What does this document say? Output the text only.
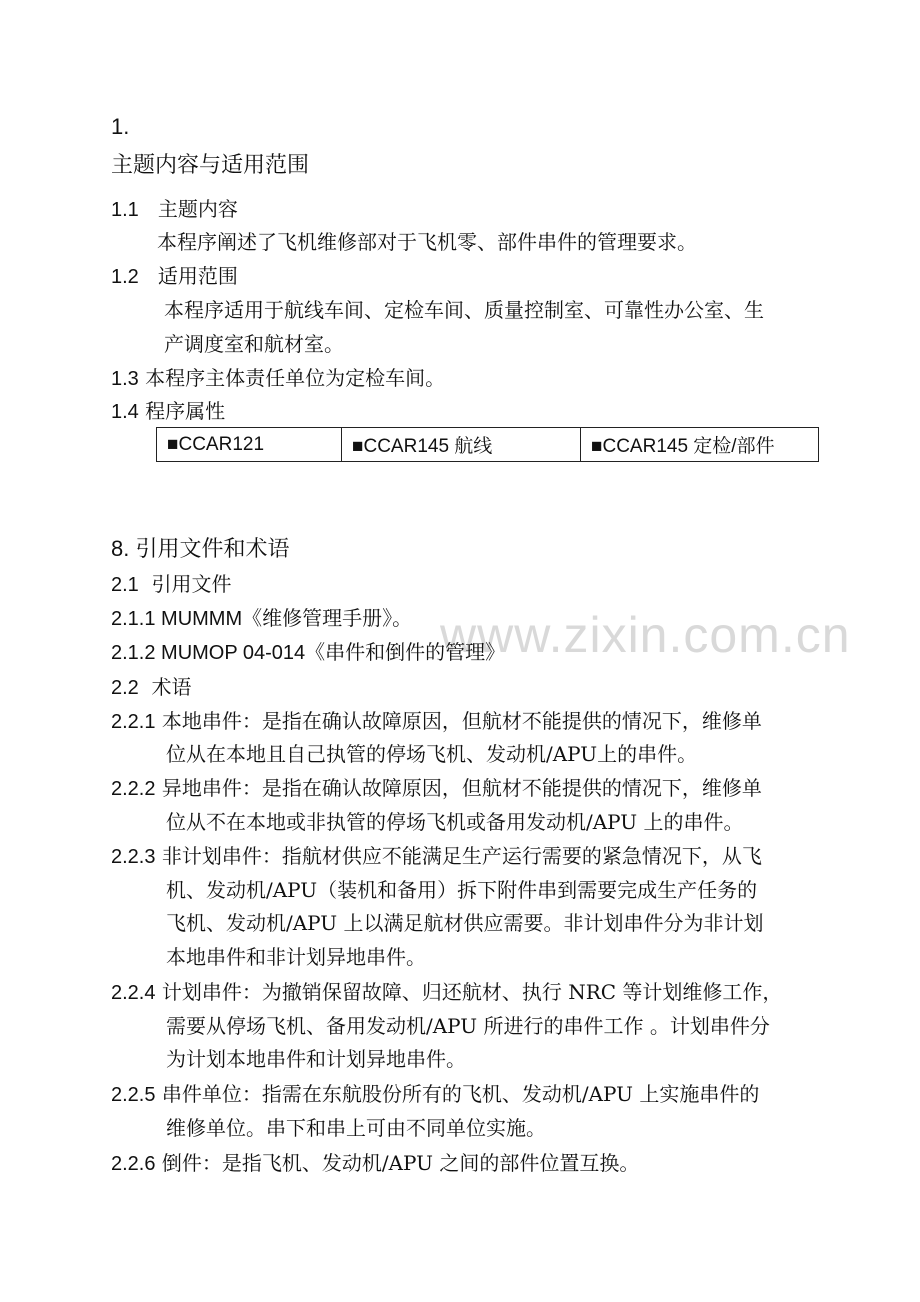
www.zixin.com.cn
1.
主题内容与适用范围
1.1 主题内容
本程序阐述了飞机维修部对于飞机零、部件串件的管理要求。
1.2 适用范围
本程序适用于航线车间、定检车间、质量控制室、可靠性办公室、生
产调度室和航材室。
1.3 本程序主体责任单位为定检车间。
1.4 程序属性
■CCAR121	■CCAR145 航线	■CCAR145 定检/部件
8. 引用文件和术语
2.1 引用文件
2.1.1 MUMMM《维修管理手册》。
2.1.2 MUMOP 04-014《串件和倒件的管理》
2.2 术语
2.2.1 本地串件：是指在确认故障原因，但航材不能提供的情况下，维修单
位从在本地且自己执管的停场飞机、发动机/APU上的串件。
2.2.2 异地串件：是指在确认故障原因，但航材不能提供的情况下，维修单
位从不在本地或非执管的停场飞机或备用发动机/APU 上的串件。
2.2.3 非计划串件：指航材供应不能满足生产运行需要的紧急情况下，从飞
机、发动机/APU（装机和备用）拆下附件串到需要完成生产任务的
飞机、发动机/APU 上以满足航材供应需要。非计划串件分为非计划
本地串件和非计划异地串件。
2.2.4 计划串件：为撤销保留故障、归还航材、执行 NRC 等计划维修工作，
需要从停场飞机、备用发动机/APU 所进行的串件工作 。计划串件分
为计划本地串件和计划异地串件。
2.2.5 串件单位：指需在东航股份所有的飞机、发动机/APU 上实施串件的
维修单位。串下和串上可由不同单位实施。
2.2.6 倒件：是指飞机、发动机/APU 之间的部件位置互换。
